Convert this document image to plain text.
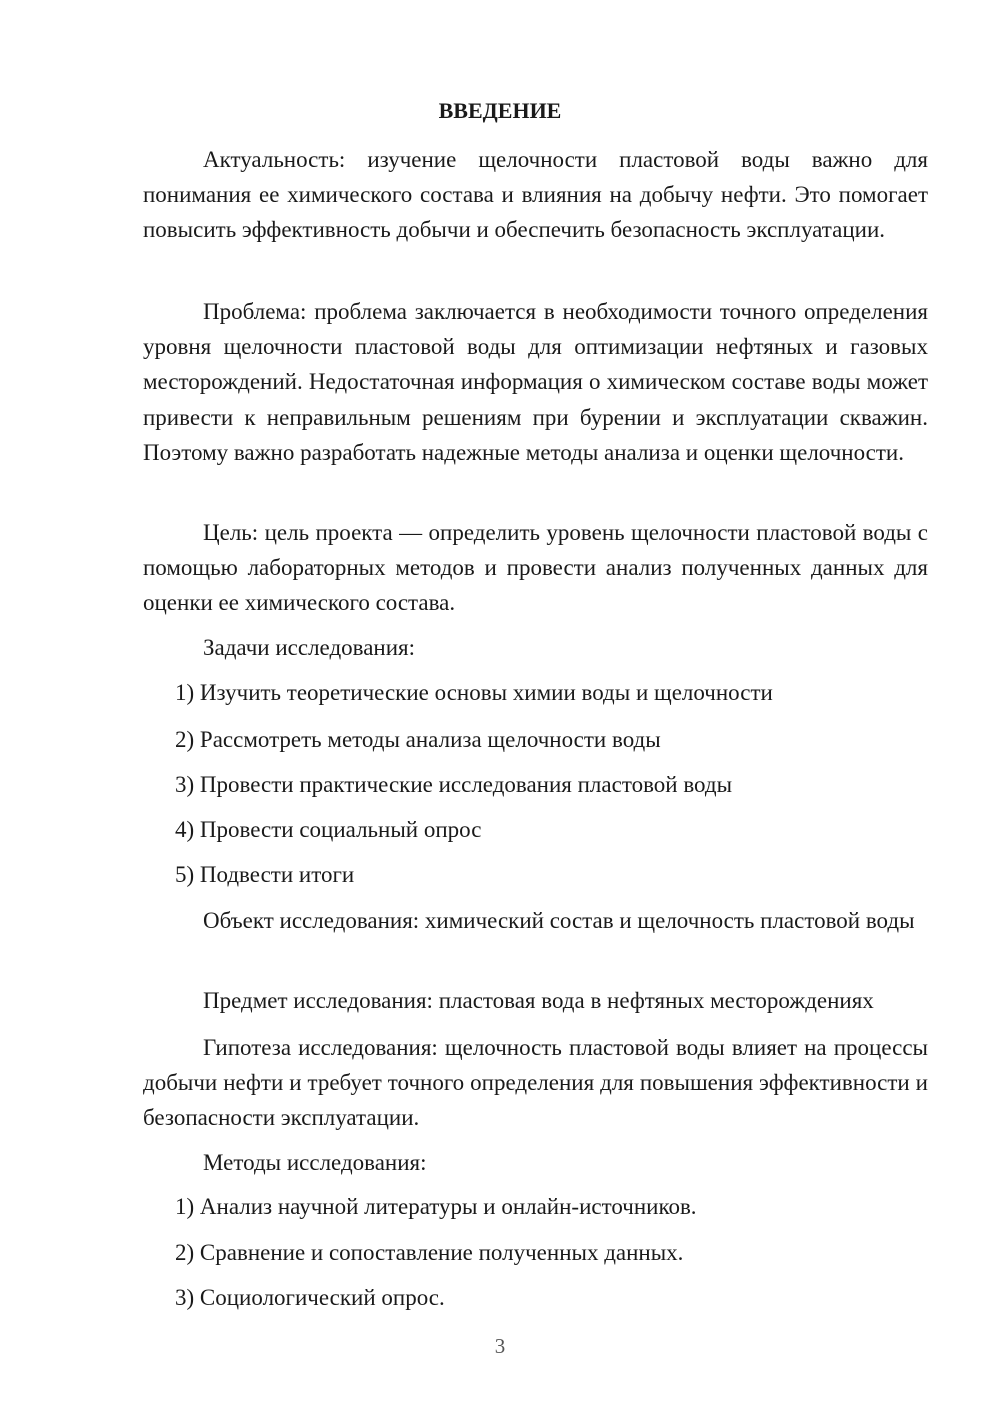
ВВЕДЕНИЕ

Актуальность: изучение щелочности пластовой воды важно для понимания ее химического состава и влияния на добычу нефти. Это помогает повысить эффективность добычи и обеспечить безопасность эксплуатации.

Проблема: проблема заключается в необходимости точного определения уровня щелочности пластовой воды для оптимизации нефтяных и газовых месторождений. Недостаточная информация о химическом составе воды может привести к неправильным решениям при бурении и эксплуатации скважин. Поэтому важно разработать надежные методы анализа и оценки щелочности.

Цель: цель проекта — определить уровень щелочности пластовой воды с помощью лабораторных методов и провести анализ полученных данных для оценки ее химического состава.

Задачи исследования:
1) Изучить теоретические основы химии воды и щелочности
2) Рассмотреть методы анализа щелочности воды
3) Провести практические исследования пластовой воды
4) Провести социальный опрос
5) Подвести итоги

Объект исследования: химический состав и щелочность пластовой воды

Предмет исследования: пластовая вода в нефтяных месторождениях

Гипотеза исследования: щелочность пластовой воды влияет на процессы добычи нефти и требует точного определения для повышения эффективности и безопасности эксплуатации.

Методы исследования:
1) Анализ научной литературы и онлайн-источников.
2) Сравнение и сопоставление полученных данных.
3) Социологический опрос.
3
